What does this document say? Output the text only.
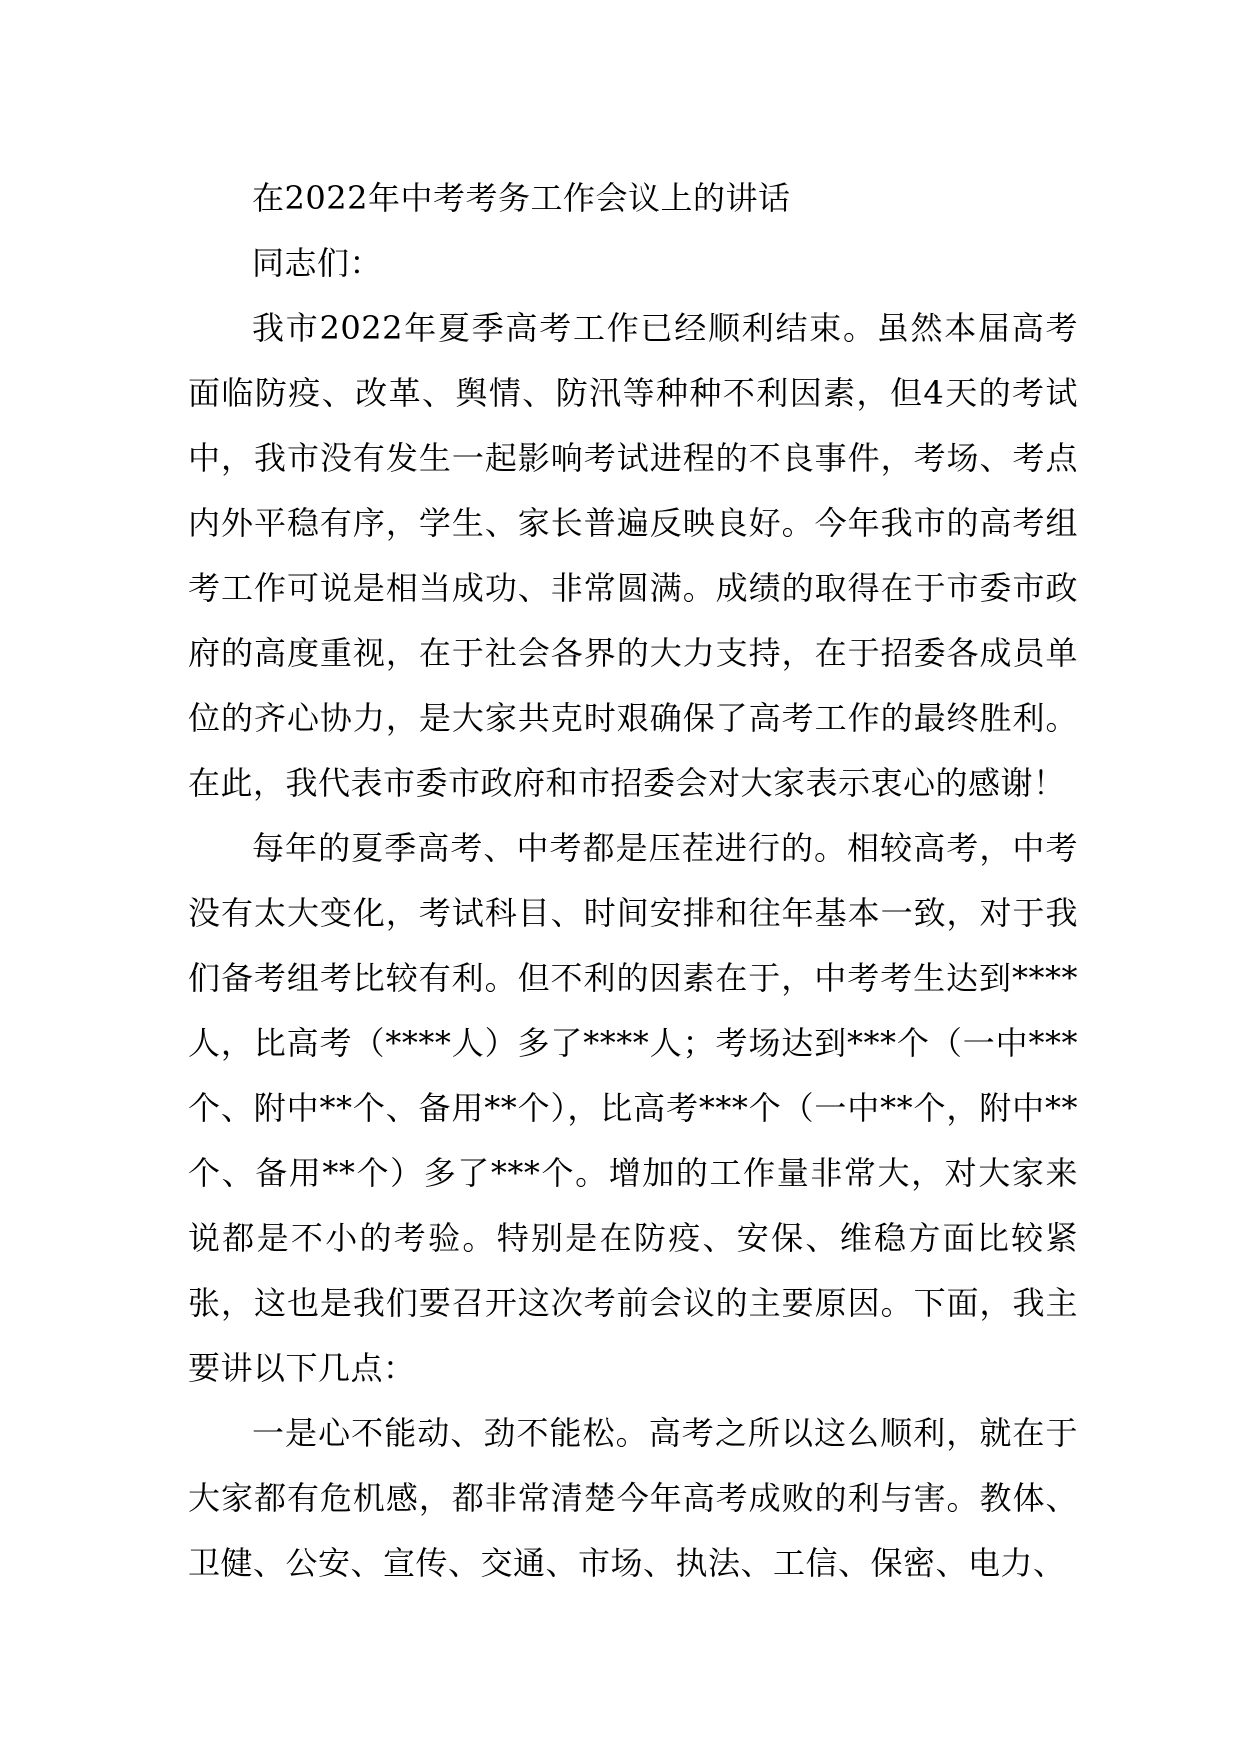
在2022年中考考务工作会议上的讲话

同志们：

我市2022年夏季高考工作已经顺利结束。虽然本届高考面临防疫、改革、舆情、防汛等种种不利因素，但4天的考试中，我市没有发生一起影响考试进程的不良事件，考场、考点内外平稳有序，学生、家长普遍反映良好。今年我市的高考组考工作可说是相当成功、非常圆满。成绩的取得在于市委市政府的高度重视，在于社会各界的大力支持，在于招委各成员单位的齐心协力，是大家共克时艰确保了高考工作的最终胜利。在此，我代表市委市政府和市招委会对大家表示衷心的感谢！

每年的夏季高考、中考都是压茬进行的。相较高考，中考没有太大变化，考试科目、时间安排和往年基本一致，对于我们备考组考比较有利。但不利的因素在于，中考考生达到****人，比高考（****人）多了****人；考场达到***个（一中***个、附中**个、备用**个），比高考***个（一中**个，附中**个、备用**个）多了***个。增加的工作量非常大，对大家来说都是不小的考验。特别是在防疫、安保、维稳方面比较紧张，这也是我们要召开这次考前会议的主要原因。下面，我主要讲以下几点：

一是心不能动、劲不能松。高考之所以这么顺利，就在于大家都有危机感，都非常清楚今年高考成败的利与害。教体、卫健、公安、宣传、交通、市场、执法、工信、保密、电力、
